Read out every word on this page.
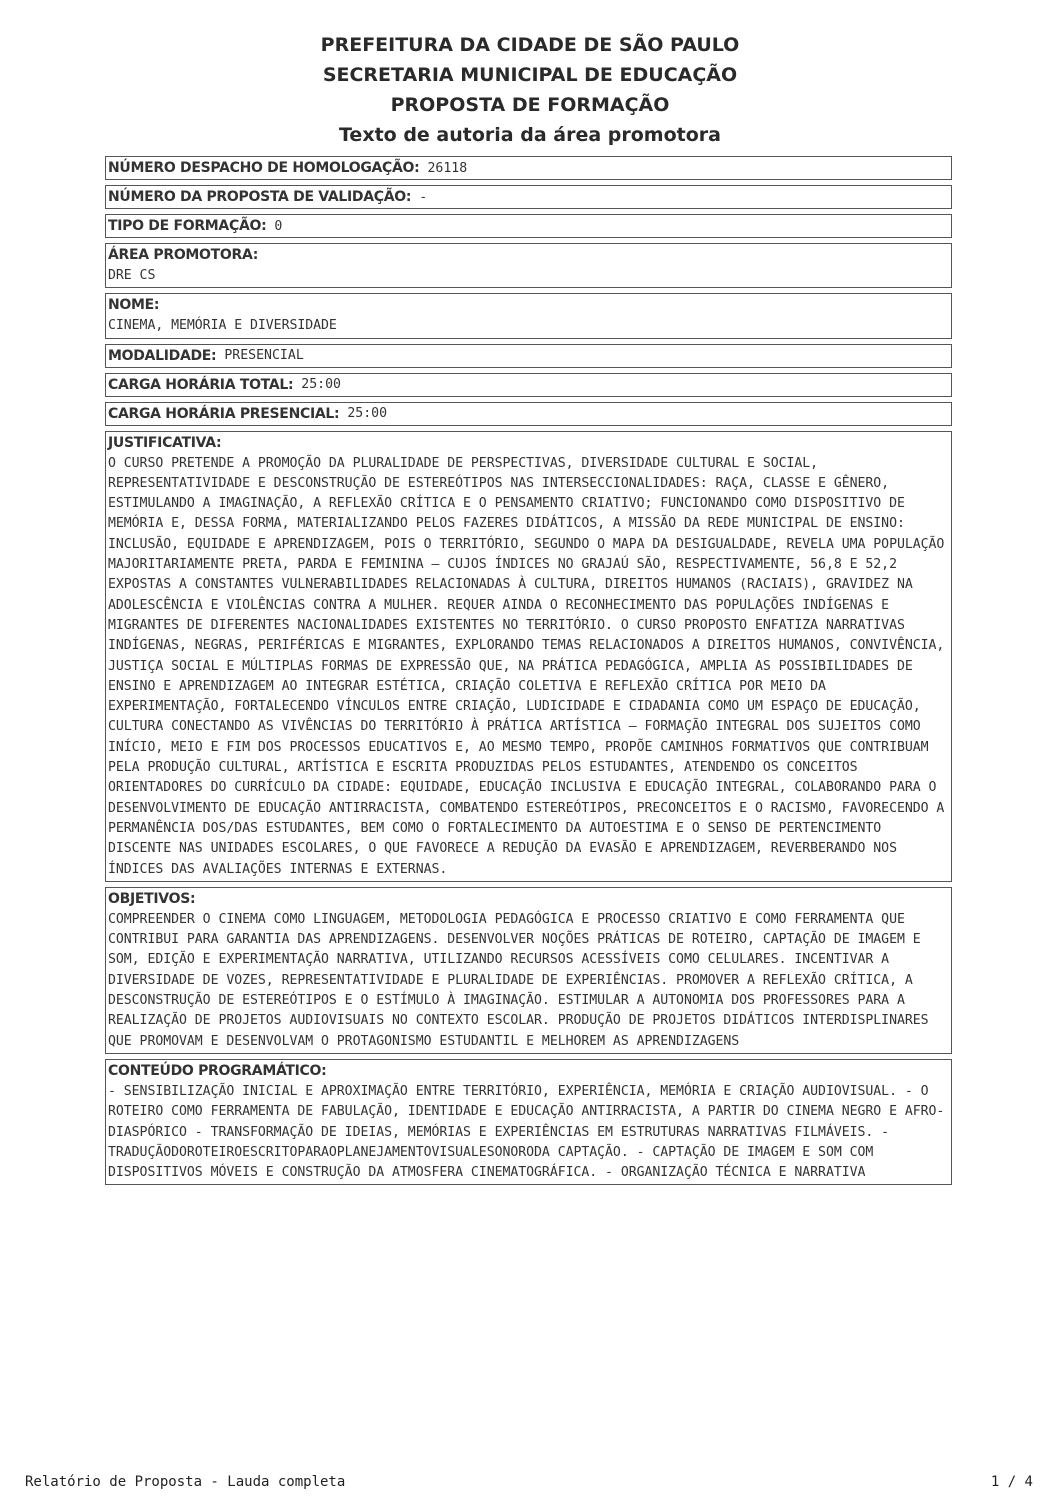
PREFEITURA DA CIDADE DE SÃO PAULO
SECRETARIA MUNICIPAL DE EDUCAÇÃO
PROPOSTA DE FORMAÇÃO
Texto de autoria da área promotora
NÚMERO DESPACHO DE HOMOLOGAÇÃO: 26118
NÚMERO DA PROPOSTA DE VALIDAÇÃO: -
TIPO DE FORMAÇÃO: 0
ÁREA PROMOTORA:
DRE CS
NOME:
CINEMA, MEMÓRIA E DIVERSIDADE
MODALIDADE: PRESENCIAL
CARGA HORÁRIA TOTAL: 25:00
CARGA HORÁRIA PRESENCIAL: 25:00
JUSTIFICATIVA:
O CURSO PRETENDE A PROMOÇÃO DA PLURALIDADE DE PERSPECTIVAS, DIVERSIDADE CULTURAL E SOCIAL, REPRESENTATIVIDADE E DESCONSTRUÇÃO DE ESTEREÓTIPOS NAS INTERSECCIONALIDADES: RAÇA, CLASSE E GÊNERO, ESTIMULANDO A IMAGINAÇÃO, A REFLEXÃO CRÍTICA E O PENSAMENTO CRIATIVO; FUNCIONANDO COMO DISPOSITIVO DE MEMÓRIA E, DESSA FORMA, MATERIALIZANDO PELOS FAZERES DIDÁTICOS, A MISSÃO DA REDE MUNICIPAL DE ENSINO: INCLUSÃO, EQUIDADE E APRENDIZAGEM, POIS O TERRITÓRIO, SEGUNDO O MAPA DA DESIGUALDADE, REVELA UMA POPULAÇÃO MAJORITARIAMENTE PRETA, PARDA E FEMININA — CUJOS ÍNDICES NO GRAJAÚ SÃO, RESPECTIVAMENTE, 56,8 E 52,2 EXPOSTAS A CONSTANTES VULNERABILIDADES RELACIONADAS À CULTURA, DIREITOS HUMANOS (RACIAIS), GRAVIDEZ NA ADOLESCÊNCIA E VIOLÊNCIAS CONTRA A MULHER. REQUER AINDA O RECONHECIMENTO DAS POPULAÇÕES INDÍGENAS E MIGRANTES DE DIFERENTES NACIONALIDADES EXISTENTES NO TERRITÓRIO. O CURSO PROPOSTO ENFATIZA NARRATIVAS INDÍGENAS, NEGRAS, PERIFÉRICAS E MIGRANTES, EXPLORANDO TEMAS RELACIONADOS A DIREITOS HUMANOS, CONVIVÊNCIA, JUSTIÇA SOCIAL E MÚLTIPLAS FORMAS DE EXPRESSÃO QUE, NA PRÁTICA PEDAGÓGICA, AMPLIA AS POSSIBILIDADES DE ENSINO E APRENDIZAGEM AO INTEGRAR ESTÉTICA, CRIAÇÃO COLETIVA E REFLEXÃO CRÍTICA POR MEIO DA EXPERIMENTAÇÃO, FORTALECENDO VÍNCULOS ENTRE CRIAÇÃO, LUDICIDADE E CIDADANIA COMO UM ESPAÇO DE EDUCAÇÃO, CULTURA CONECTANDO AS VIVÊNCIAS DO TERRITÓRIO À PRÁTICA ARTÍSTICA — FORMAÇÃO INTEGRAL DOS SUJEITOS COMO INÍCIO, MEIO E FIM DOS PROCESSOS EDUCATIVOS E, AO MESMO TEMPO, PROPÕE CAMINHOS FORMATIVOS QUE CONTRIBUAM PELA PRODUÇÃO CULTURAL, ARTÍSTICA E ESCRITA PRODUZIDAS PELOS ESTUDANTES, ATENDENDO OS CONCEITOS ORIENTADORES DO CURRÍCULO DA CIDADE: EQUIDADE, EDUCAÇÃO INCLUSIVA E EDUCAÇÃO INTEGRAL, COLABORANDO PARA O DESENVOLVIMENTO DE EDUCAÇÃO ANTIRRACISTA, COMBATENDO ESTEREÓTIPOS, PRECONCEITOS E O RACISMO, FAVORECENDO A PERMANÊNCIA DOS/DAS ESTUDANTES, BEM COMO O FORTALECIMENTO DA AUTOESTIMA E O SENSO DE PERTENCIMENTO DISCENTE NAS UNIDADES ESCOLARES, O QUE FAVORECE A REDUÇÃO DA EVASÃO E APRENDIZAGEM, REVERBERANDO NOS ÍNDICES DAS AVALIAÇÕES INTERNAS E EXTERNAS.
OBJETIVOS:
COMPREENDER O CINEMA COMO LINGUAGEM, METODOLOGIA PEDAGÓGICA E PROCESSO CRIATIVO E COMO FERRAMENTA QUE CONTRIBUI PARA GARANTIA DAS APRENDIZAGENS. DESENVOLVER NOÇÕES PRÁTICAS DE ROTEIRO, CAPTAÇÃO DE IMAGEM E SOM, EDIÇÃO E EXPERIMENTAÇÃO NARRATIVA, UTILIZANDO RECURSOS ACESSÍVEIS COMO CELULARES. INCENTIVAR A DIVERSIDADE DE VOZES, REPRESENTATIVIDADE E PLURALIDADE DE EXPERIÊNCIAS. PROMOVER A REFLEXÃO CRÍTICA, A DESCONSTRUÇÃO DE ESTEREÓTIPOS E O ESTÍMULO À IMAGINAÇÃO. ESTIMULAR A AUTONOMIA DOS PROFESSORES PARA A REALIZAÇÃO DE PROJETOS AUDIOVISUAIS NO CONTEXTO ESCOLAR. PRODUÇÃO DE PROJETOS DIDÁTICOS INTERDISPLINARES QUE PROMOVAM E DESENVOLVAM O PROTAGONISMO ESTUDANTIL E MELHOREM AS APRENDIZAGENS
CONTEÚDO PROGRAMÁTICO:
- SENSIBILIZAÇÃO INICIAL E APROXIMAÇÃO ENTRE TERRITÓRIO, EXPERIÊNCIA, MEMÓRIA E CRIAÇÃO AUDIOVISUAL. - O ROTEIRO COMO FERRAMENTA DE FABULAÇÃO, IDENTIDADE E EDUCAÇÃO ANTIRRACISTA, A PARTIR DO CINEMA NEGRO E AFRO-DIASPÓRICO - TRANSFORMAÇÃO DE IDEIAS, MEMÓRIAS E EXPERIÊNCIAS EM ESTRUTURAS NARRATIVAS FILMÁVEIS. - TRADUÇÃODOROTEIROESCRITOPARAOPLANEJAMENTOVISUALESONORODA CAPTAÇÃO. - CAPTAÇÃO DE IMAGEM E SOM COM DISPOSITIVOS MÓVEIS E CONSTRUÇÃO DA ATMOSFERA CINEMATOGRÁFICA. - ORGANIZAÇÃO TÉCNICA E NARRATIVA
Relatório de Proposta - Lauda completa	1 / 4
